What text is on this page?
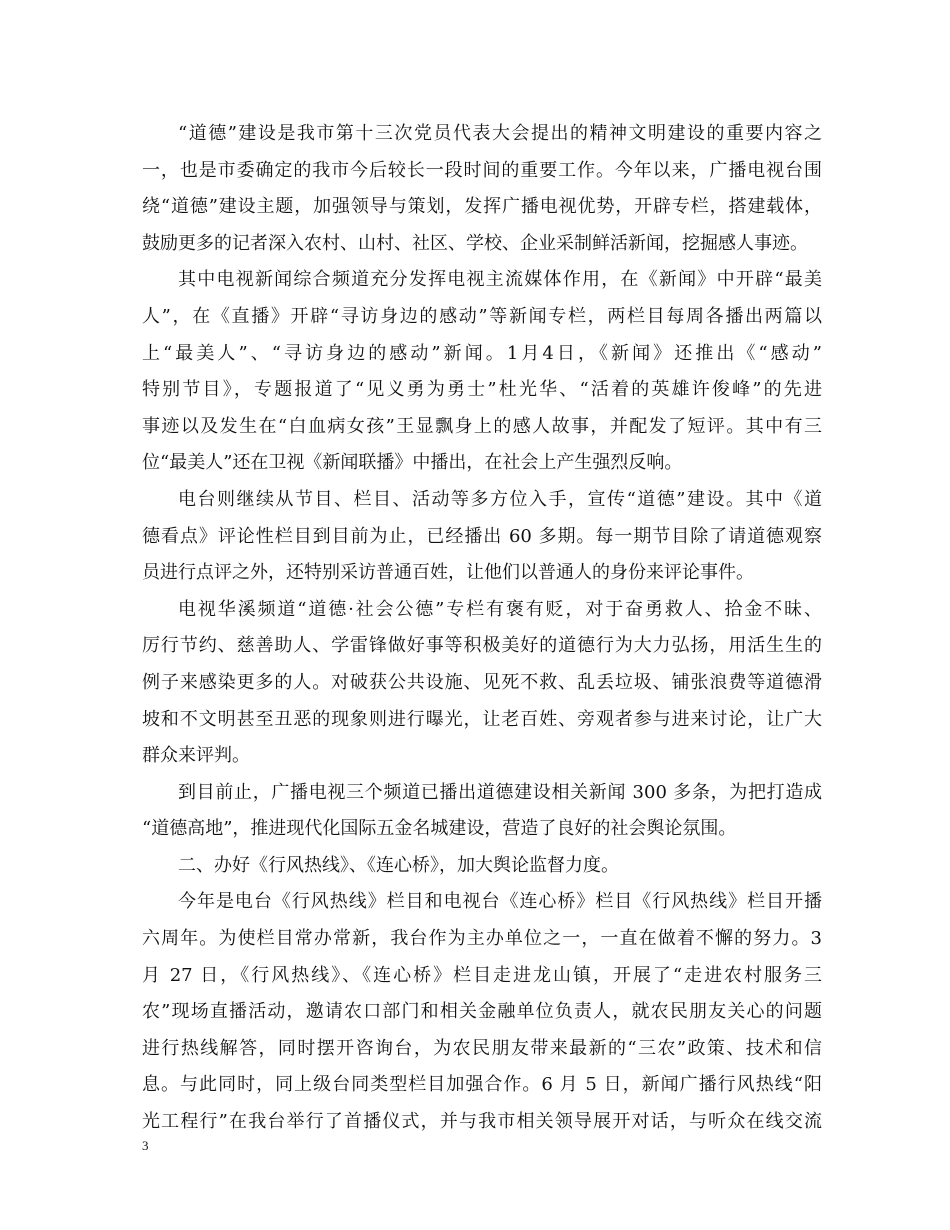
“道德”建设是我市第十三次党员代表大会提出的精神文明建设的重要内容之
一，也是市委确定的我市今后较长一段时间的重要工作。今年以来，广播电视台围
绕“道德”建设主题，加强领导与策划，发挥广播电视优势，开辟专栏，搭建载体，
鼓励更多的记者深入农村、山村、社区、学校、企业采制鲜活新闻，挖掘感人事迹。
其中电视新闻综合频道充分发挥电视主流媒体作用，在《新闻》中开辟“最美
人”，在《直播》开辟“寻访身边的感动”等新闻专栏，两栏目每周各播出两篇以
上“最美人”、“寻访身边的感动”新闻。1月4日，《新闻》还推出《“感动”
特别节目》，专题报道了“见义勇为勇士”杜光华、“活着的英雄许俊峰”的先进
事迹以及发生在“白血病女孩”王显飘身上的感人故事，并配发了短评。其中有三
位“最美人”还在卫视《新闻联播》中播出，在社会上产生强烈反响。
电台则继续从节目、栏目、活动等多方位入手，宣传“道德”建设。其中《道
德看点》评论性栏目到目前为止，已经播出 60 多期。每一期节目除了请道德观察
员进行点评之外，还特别采访普通百姓，让他们以普通人的身份来评论事件。
电视华溪频道“道德·社会公德”专栏有褒有贬，对于奋勇救人、拾金不昧、
厉行节约、慈善助人、学雷锋做好事等积极美好的道德行为大力弘扬，用活生生的
例子来感染更多的人。对破获公共设施、见死不救、乱丢垃圾、铺张浪费等道德滑
坡和不文明甚至丑恶的现象则进行曝光，让老百姓、旁观者参与进来讨论，让广大
群众来评判。
到目前止，广播电视三个频道已播出道德建设相关新闻 300 多条，为把打造成
“道德高地”，推进现代化国际五金名城建设，营造了良好的社会舆论氛围。
二、办好《行风热线》、《连心桥》，加大舆论监督力度。
今年是电台《行风热线》栏目和电视台《连心桥》栏目《行风热线》栏目开播
六周年。为使栏目常办常新，我台作为主办单位之一，一直在做着不懈的努力。3
月 27 日，《行风热线》、《连心桥》栏目走进龙山镇，开展了“走进农村服务三
农”现场直播活动，邀请农口部门和相关金融单位负责人，就农民朋友关心的问题
进行热线解答，同时摆开咨询台，为农民朋友带来最新的“三农”政策、技术和信
息。与此同时，同上级台同类型栏目加强合作。6 月 5 日，新闻广播行风热线“阳
光工程行”在我台举行了首播仪式，并与我市相关领导展开对话，与听众在线交流
3
